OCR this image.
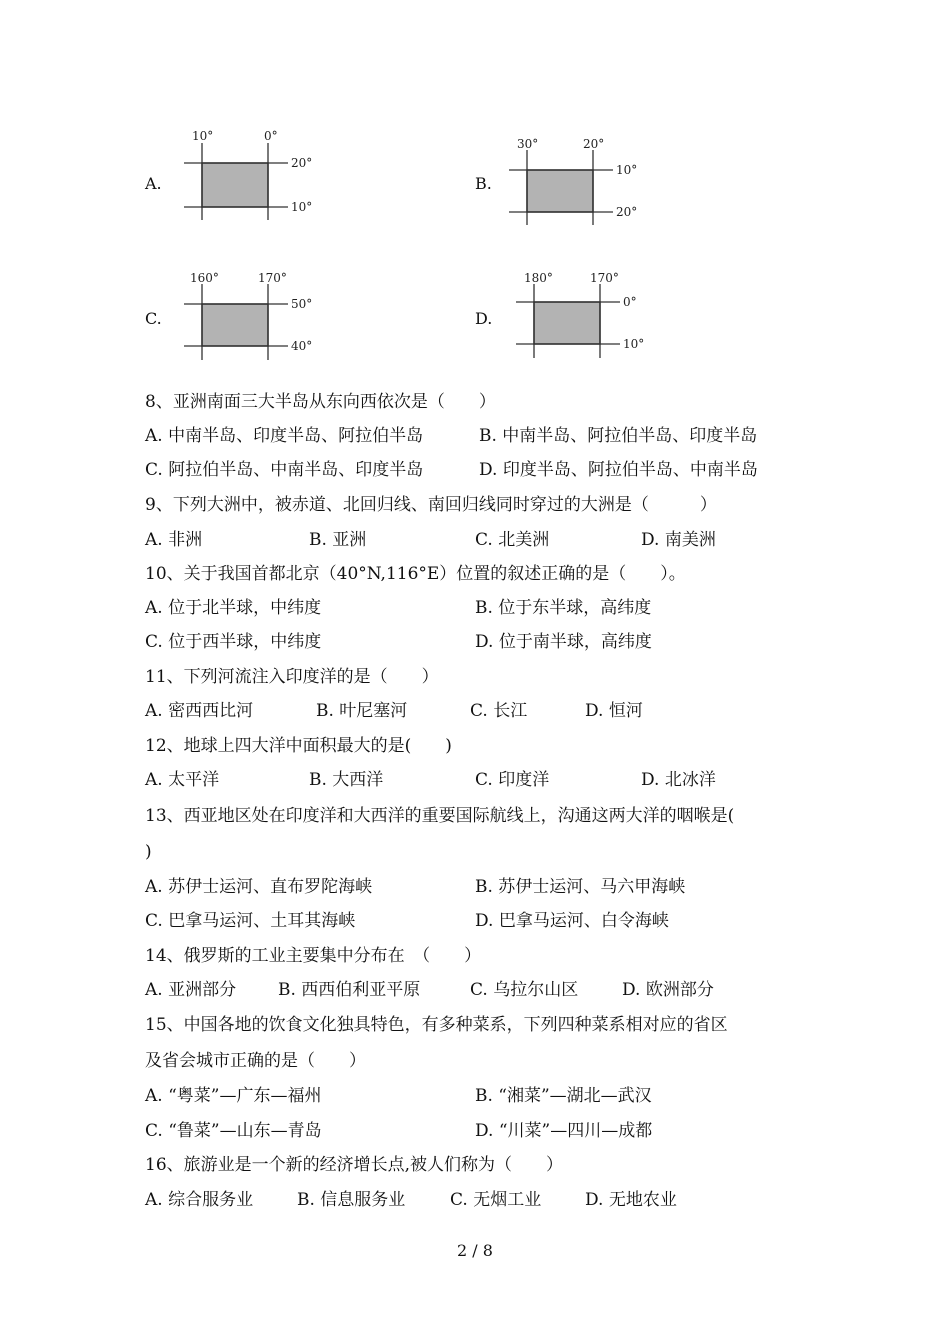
A.
10°	0°
20°
10°
B.
30°	20°
10°
20°
C.
160°	170°
50°
40°
D.
180°	170°
0°
10°
8、亚洲南面三大半岛从东向西依次是（　　）
A. 中南半岛、印度半岛、阿拉伯半岛	B. 中南半岛、阿拉伯半岛、印度半岛
C. 阿拉伯半岛、中南半岛、印度半岛	D. 印度半岛、阿拉伯半岛、中南半岛
9、下列大洲中，被赤道、北回归线、南回归线同时穿过的大洲是（　　　）
A. 非洲	B. 亚洲	C. 北美洲	D. 南美洲
10、关于我国首都北京（40°N,116°E）位置的叙述正确的是（　　）。
A. 位于北半球，中纬度	B. 位于东半球，高纬度
C. 位于西半球，中纬度	D. 位于南半球，高纬度
11、下列河流注入印度洋的是（　　）
A. 密西西比河	B. 叶尼塞河	C. 长江	D. 恒河
12、地球上四大洋中面积最大的是(　　)
A. 太平洋	B. 大西洋	C. 印度洋	D. 北冰洋
13、西亚地区处在印度洋和大西洋的重要国际航线上，沟通这两大洋的咽喉是(
)
A. 苏伊士运河、直布罗陀海峡	B. 苏伊士运河、马六甲海峡
C. 巴拿马运河、土耳其海峡	D. 巴拿马运河、白令海峡
14、俄罗斯的工业主要集中分布在　（　　）
A. 亚洲部分 B. 西西伯利亚平原	C. 乌拉尔山区	D. 欧洲部分
15、中国各地的饮食文化独具特色，有多种菜系，下列四种菜系相对应的省区
及省会城市正确的是（　　）
A. “粤菜”—广东—福州	B. “湘菜”—湖北—武汉
C. “鲁菜”—山东—青岛	D. “川菜”—四川—成都
16、旅游业是一个新的经济增长点,被人们称为（　　）
A. 综合服务业	B. 信息服务业	C. 无烟工业	D. 无地农业
2 / 8
